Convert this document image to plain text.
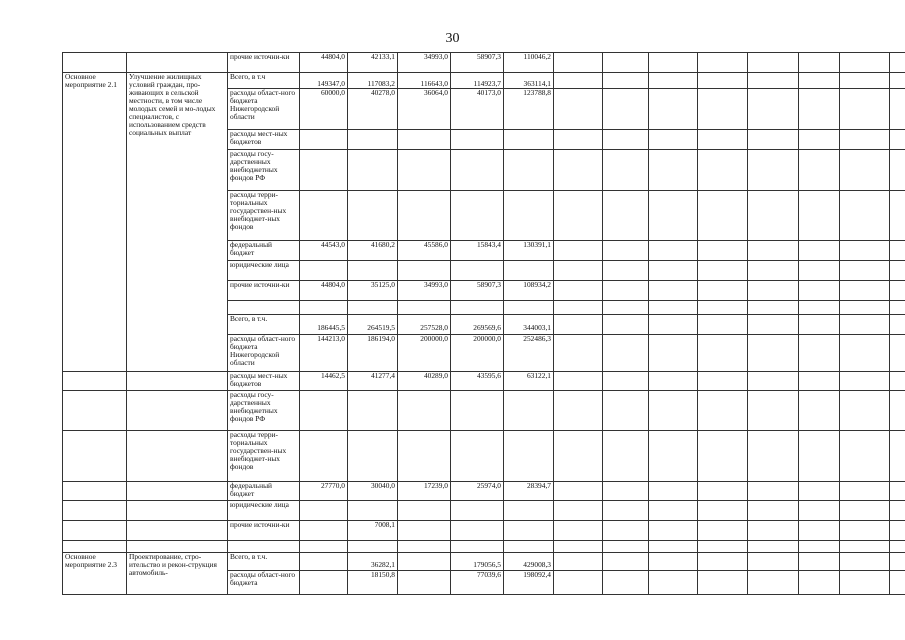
30
		прочие источни-ки	44804,0	42133,1	34993,0	58907,3	110046,2								
Основное мероприятие 2.1	Улучшение жилищных условий граждан, про-живающих в сельской местности, в том числе молодых семей и мо-лодых специалистов, с использованием средств социальных выплат	Всего, в т.ч	149347,0	117083,2	116643,0	114923,7	363114,1								
		расходы област-ного бюджета Нижегородской области	60000,0	40278,0	36064,0	40173,0	123788,8								
		расходы мест-ных бюджетов													
		расходы госу-дарственных внебюджетных фондов РФ													
		расходы терри-ториальных государствен-ных внебюджет-ных фондов													
		федеральный бюджет	44543,0	41680,2	45586,0	15843,4	130391,1								
		юридические лица													
		прочие источни-ки	44804,0	35125,0	34993,0	58907,3	108934,2								

		Всего, в т.ч.	186445,5	264519,5	257528,0	269569,6	344003,1								
		расходы област-ного бюджета Нижегородской области	144213,0	186194,0	200000,0	200000,0	252486,3								
		расходы мест-ных бюджетов	14462,5	41277,4	40289,0	43595,6	63122,1								
		расходы госу-дарственных внебюджетных фондов РФ													
		расходы терри-ториальных государствен-ных внебюджет-ных фондов													
		федеральный бюджет	27770,0	30040,0	17239,0	25974,0	28394,7								
		юридические лица													
		прочие источни-ки		7008,1											

Основное мероприятие 2.3	Проектирование, стро-ительство и рекон-струкция автомобиль-	Всего, в т.ч.		36282,1		179056,5	429008,3								
		расходы област-ного бюджета		18150,8		77039,6	198092,4								
